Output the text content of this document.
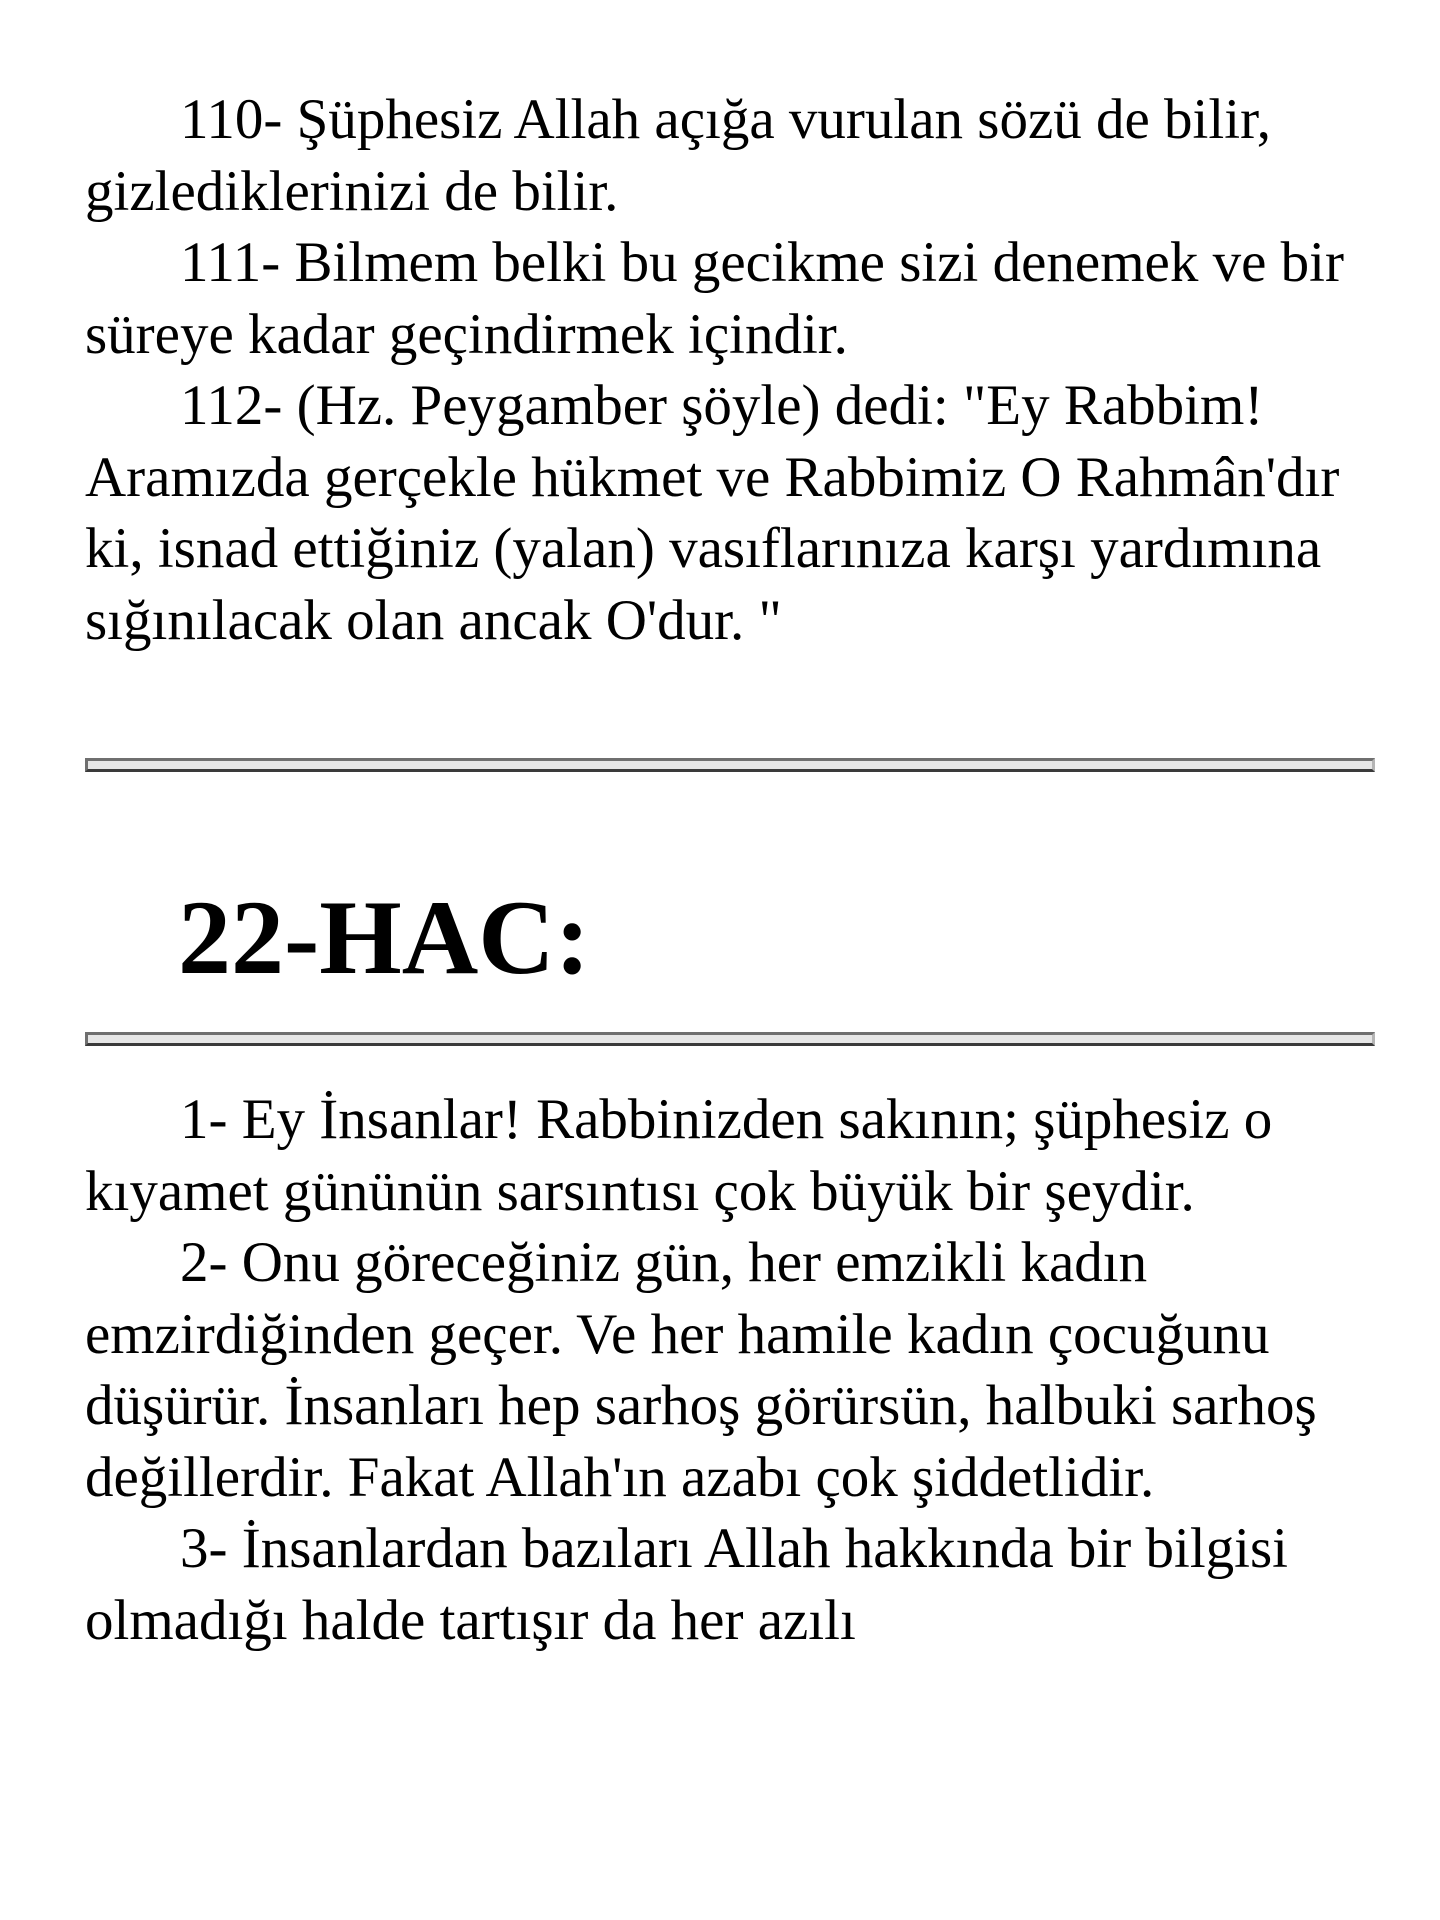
110- Şüphesiz Allah açığa vurulan sözü de bilir, gizlediklerinizi de bilir.

111- Bilmem belki bu gecikme sizi denemek ve bir süreye kadar geçindirmek içindir.

112- (Hz. Peygamber şöyle) dedi: "Ey Rabbim! Aramızda gerçekle hükmet ve Rabbimiz O Rahmân'dır ki, isnad ettiğiniz (yalan) vasıflarınıza karşı yardımına sığınılacak olan ancak O'dur. "

22-HAC:

1- Ey İnsanlar! Rabbinizden sakının; şüphesiz o kıyamet gününün sarsıntısı çok büyük bir şeydir.

2- Onu göreceğiniz gün, her emzikli kadın emzirdiğinden geçer. Ve her hamile kadın çocuğunu düşürür. İnsanları hep sarhoş görürsün, halbuki sarhoş değillerdir. Fakat Allah'ın azabı çok şiddetlidir.

3- İnsanlardan bazıları Allah hakkında bir bilgisi olmadığı halde tartışır da her azılı
